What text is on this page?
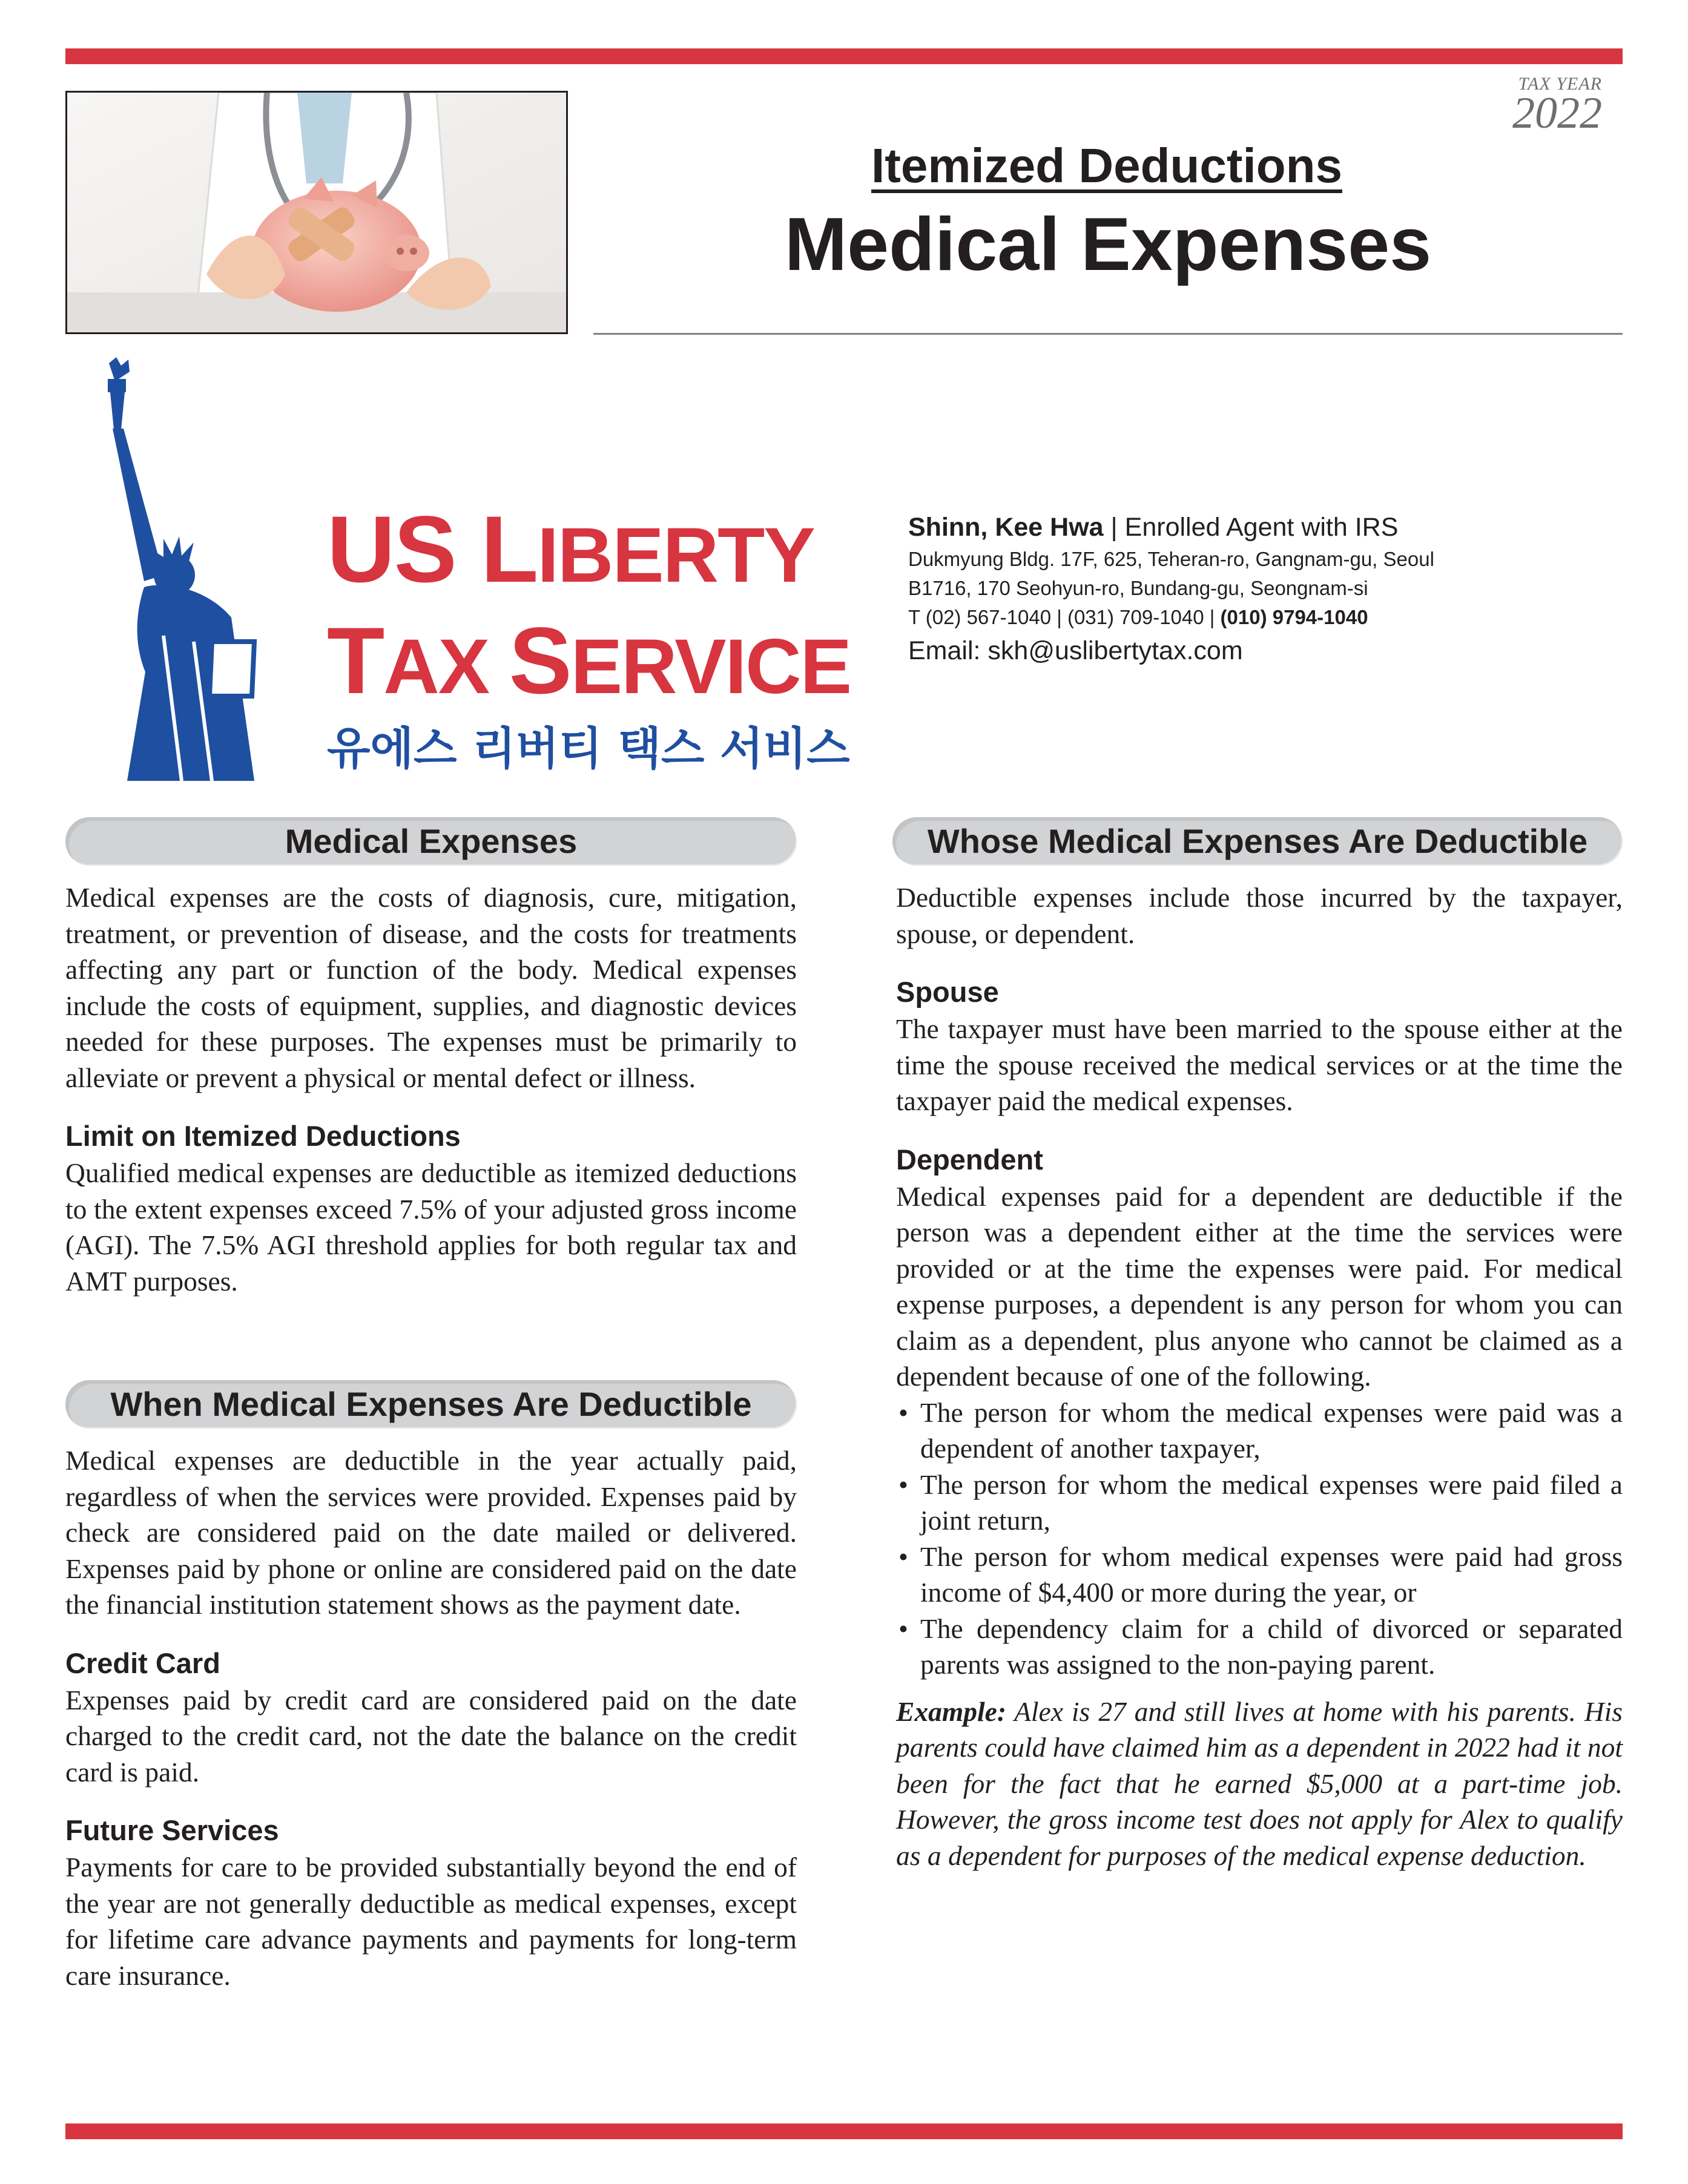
TAX YEAR
2022
Itemized Deductions
Medical Expenses
US LIBERTY
TAX SERVICE
유에스 리버티 택스 서비스
Shinn, Kee Hwa | Enrolled Agent with IRS
Dukmyung Bldg. 17F, 625, Teheran-ro, Gangnam-gu, Seoul
B1716, 170 Seohyun-ro, Bundang-gu, Seongnam-si
T (02) 567-1040 | (031) 709-1040 | (010) 9794-1040
Email: skh@uslibertytax.com
Medical Expenses

Medical expenses are the costs of diagnosis, cure, mitigation, treatment, or prevention of disease, and the costs for treatments affecting any part or function of the body. Medical expenses include the costs of equipment, supplies, and diagnostic devices needed for these purposes. The expenses must be primarily to alleviate or prevent a physical or mental defect or illness.

Limit on Itemized Deductions

Qualified medical expenses are deductible as itemized deductions to the extent expenses exceed 7.5% of your adjusted gross income (AGI). The 7.5% AGI threshold applies for both regular tax and AMT purposes.

When Medical Expenses Are Deductible

Medical expenses are deductible in the year actually paid, regardless of when the services were provided. Expenses paid by check are considered paid on the date mailed or delivered. Expenses paid by phone or online are considered paid on the date the financial institution statement shows as the payment date.

Credit Card

Expenses paid by credit card are considered paid on the date charged to the credit card, not the date the balance on the credit card is paid.

Future Services

Payments for care to be provided substantially beyond the end of the year are not generally deductible as medical expenses, except for lifetime care advance payments and payments for long-term care insurance.

Whose Medical Expenses Are Deductible

Deductible expenses include those incurred by the taxpayer, spouse, or dependent.

Spouse

The taxpayer must have been married to the spouse either at the time the spouse received the medical services or at the time the taxpayer paid the medical expenses.

Dependent

Medical expenses paid for a dependent are deductible if the person was a dependent either at the time the services were provided or at the time the expenses were paid. For medical expense purposes, a dependent is any person for whom you can claim as a dependent, plus anyone who cannot be claimed as a dependent because of one of the following.

• The person for whom the medical expenses were paid was a dependent of another taxpayer,
• The person for whom the medical expenses were paid filed a joint return,
• The person for whom medical expenses were paid had gross income of $4,400 or more during the year, or
• The dependency claim for a child of divorced or separated parents was assigned to the non-paying parent.

Example: Alex is 27 and still lives at home with his parents. His parents could have claimed him as a dependent in 2022 had it not been for the fact that he earned $5,000 at a part-time job. However, the gross income test does not apply for Alex to qualify as a dependent for purposes of the medical expense deduction.
